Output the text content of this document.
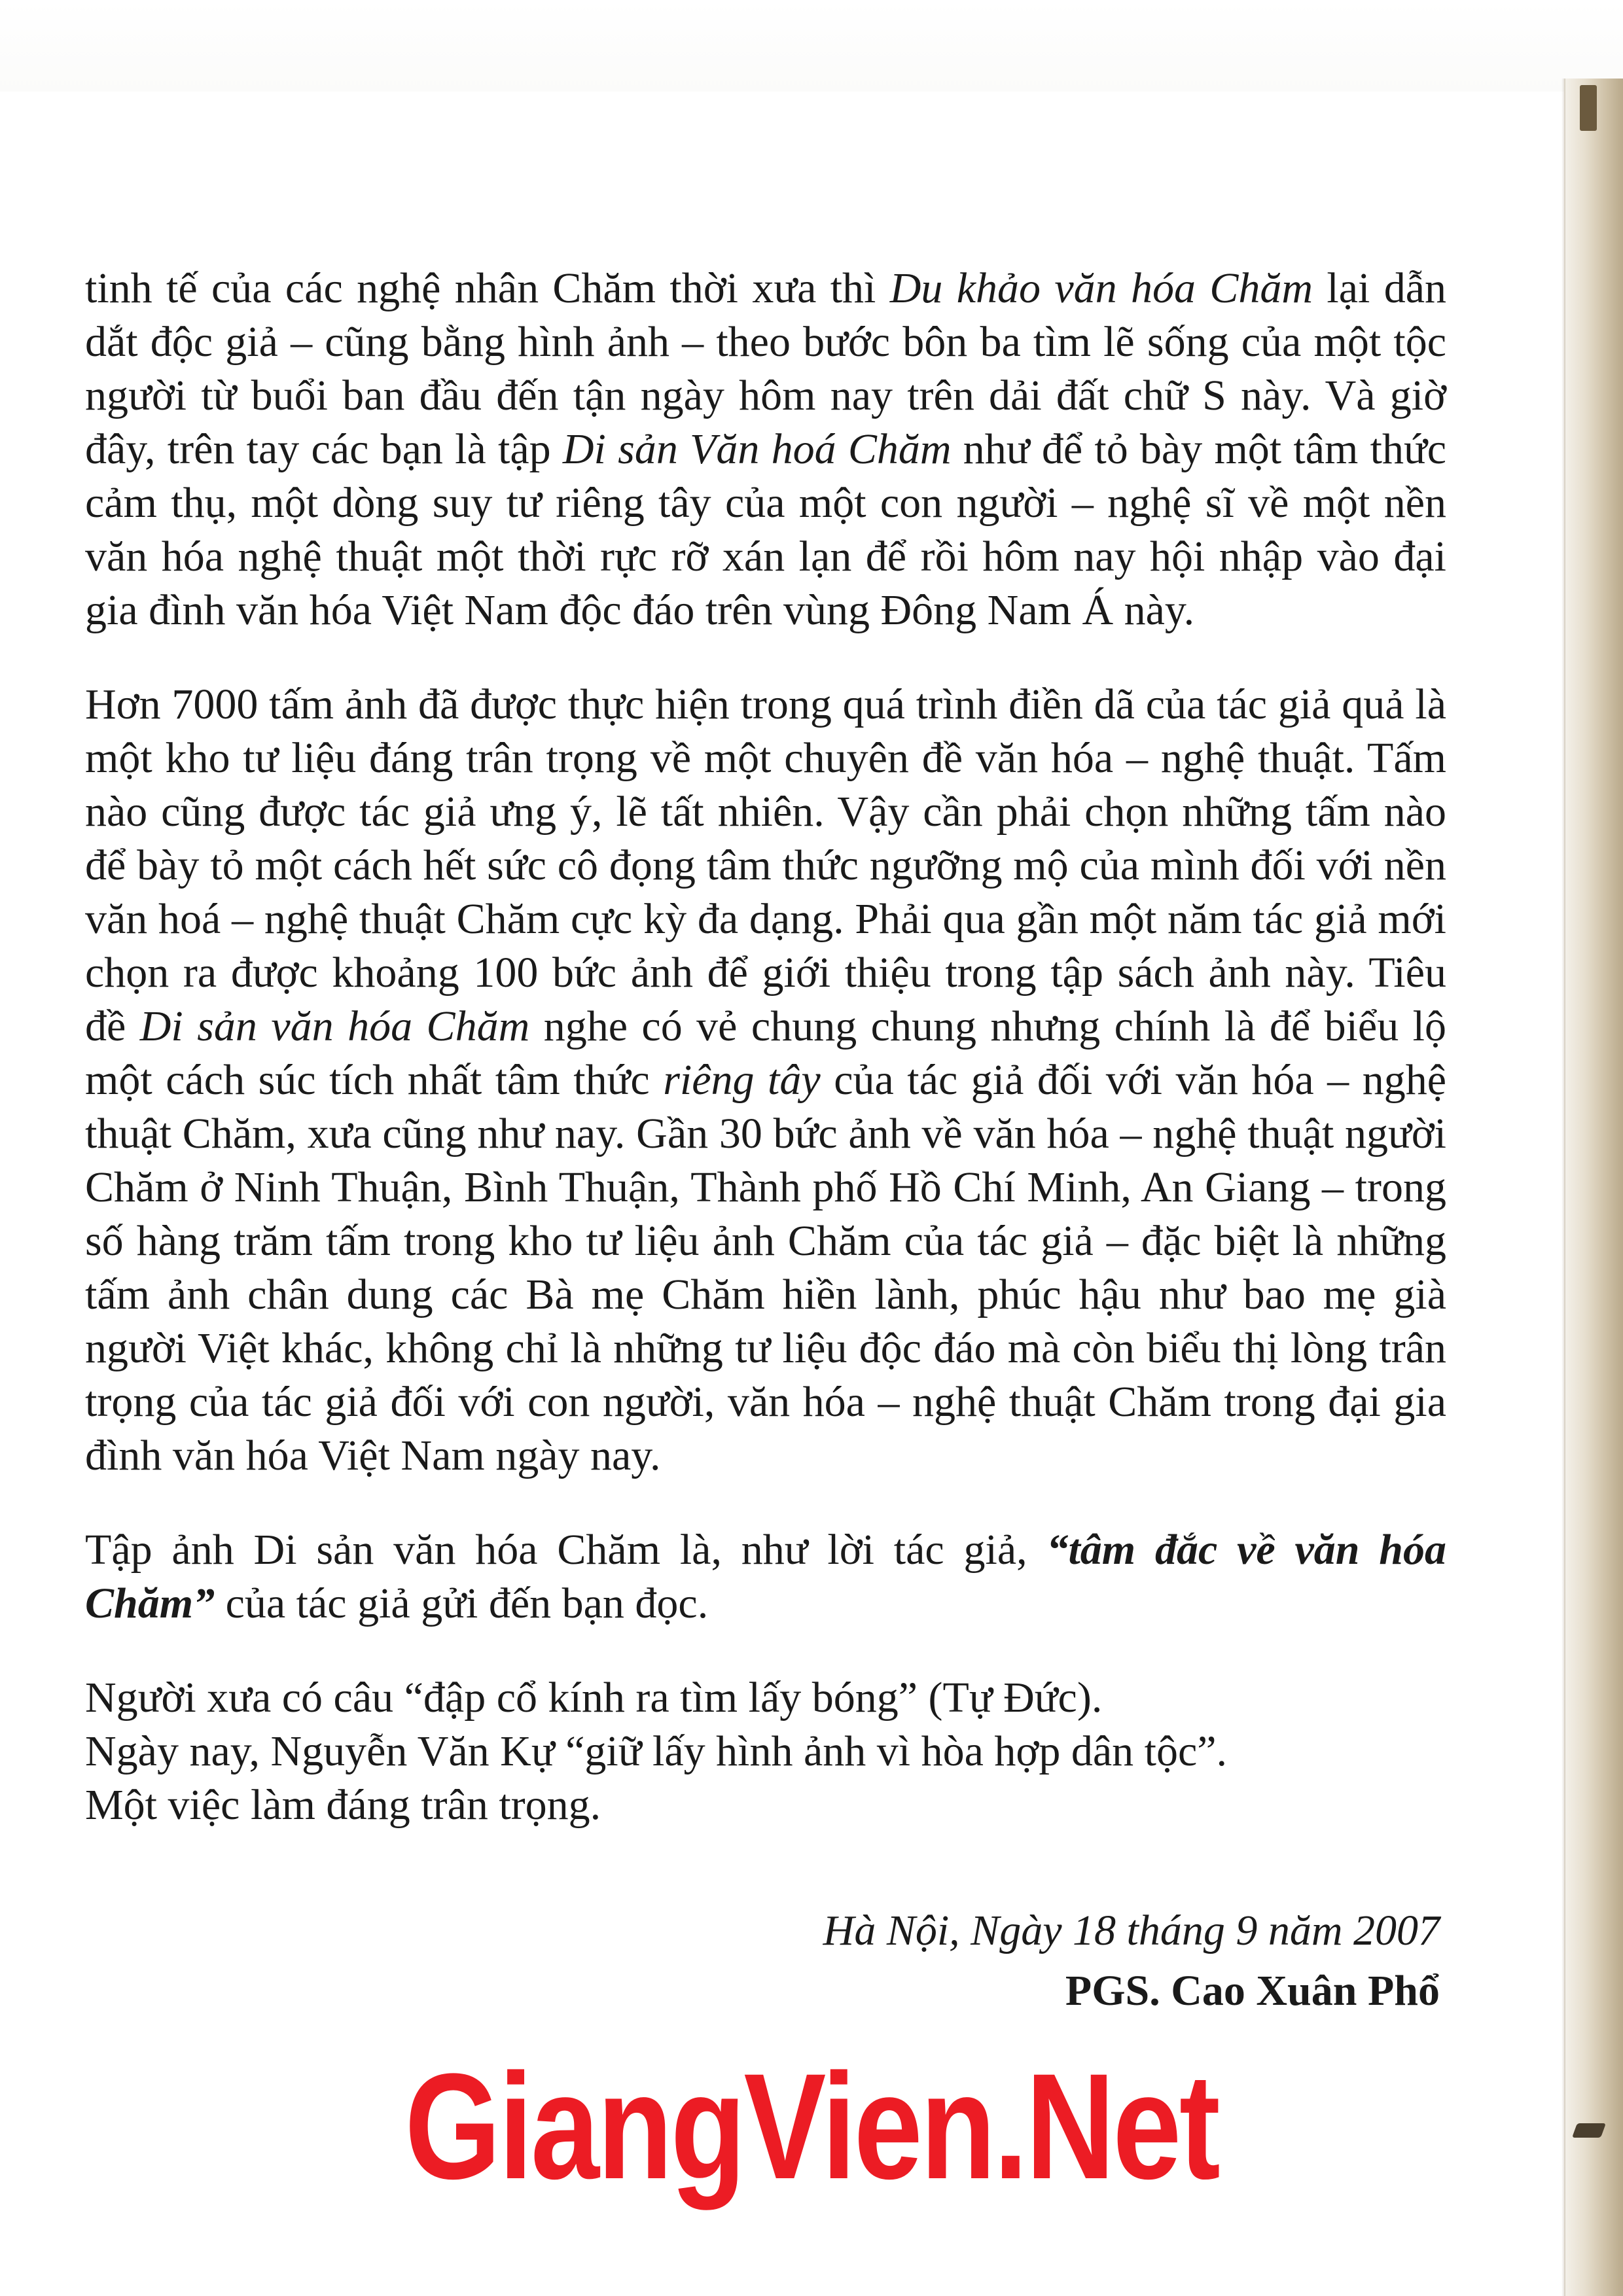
tinh tế của các nghệ nhân Chăm thời xưa thì Du khảo văn hóa Chăm lại dẫn dắt độc giả – cũng bằng hình ảnh – theo bước bôn ba tìm lẽ sống của một tộc người từ buổi ban đầu đến tận ngày hôm nay trên dải đất chữ S này. Và giờ đây, trên tay các bạn là tập Di sản Văn hoá Chăm như để tỏ bày một tâm thức cảm thụ, một dòng suy tư riêng tây của một con người – nghệ sĩ về một nền văn hóa nghệ thuật một thời rực rỡ xán lạn để rồi hôm nay hội nhập vào đại gia đình văn hóa Việt Nam độc đáo trên vùng Đông Nam Á này.

Hơn 7000 tấm ảnh đã được thực hiện trong quá trình điền dã của tác giả quả là một kho tư liệu đáng trân trọng về một chuyên đề văn hóa – nghệ thuật. Tấm nào cũng được tác giả ưng ý, lẽ tất nhiên. Vậy cần phải chọn những tấm nào để bày tỏ một cách hết sức cô đọng tâm thức ngưỡng mộ của mình đối với nền văn hoá – nghệ thuật Chăm cực kỳ đa dạng. Phải qua gần một năm tác giả mới chọn ra được khoảng 100 bức ảnh để giới thiệu trong tập sách ảnh này. Tiêu đề Di sản văn hóa Chăm nghe có vẻ chung chung nhưng chính là để biểu lộ một cách súc tích nhất tâm thức riêng tây của tác giả đối với văn hóa – nghệ thuật Chăm, xưa cũng như nay. Gần 30 bức ảnh về văn hóa – nghệ thuật người Chăm ở Ninh Thuận, Bình Thuận, Thành phố Hồ Chí Minh, An Giang – trong số hàng trăm tấm trong kho tư liệu ảnh Chăm của tác giả – đặc biệt là những tấm ảnh chân dung các Bà mẹ Chăm hiền lành, phúc hậu như bao mẹ già người Việt khác, không chỉ là những tư liệu độc đáo mà còn biểu thị lòng trân trọng của tác giả đối với con người, văn hóa – nghệ thuật Chăm trong đại gia đình văn hóa Việt Nam ngày nay.

Tập ảnh Di sản văn hóa Chăm là, như lời tác giả, “tâm đắc về văn hóa Chăm” của tác giả gửi đến bạn đọc.

Người xưa có câu “đập cổ kính ra tìm lấy bóng” (Tự Đức).
Ngày nay, Nguyễn Văn Kự “giữ lấy hình ảnh vì hòa hợp dân tộc”.
Một việc làm đáng trân trọng.

Hà Nội, Ngày 18 tháng 9 năm 2007
PGS. Cao Xuân Phổ
GiangVien.Net
